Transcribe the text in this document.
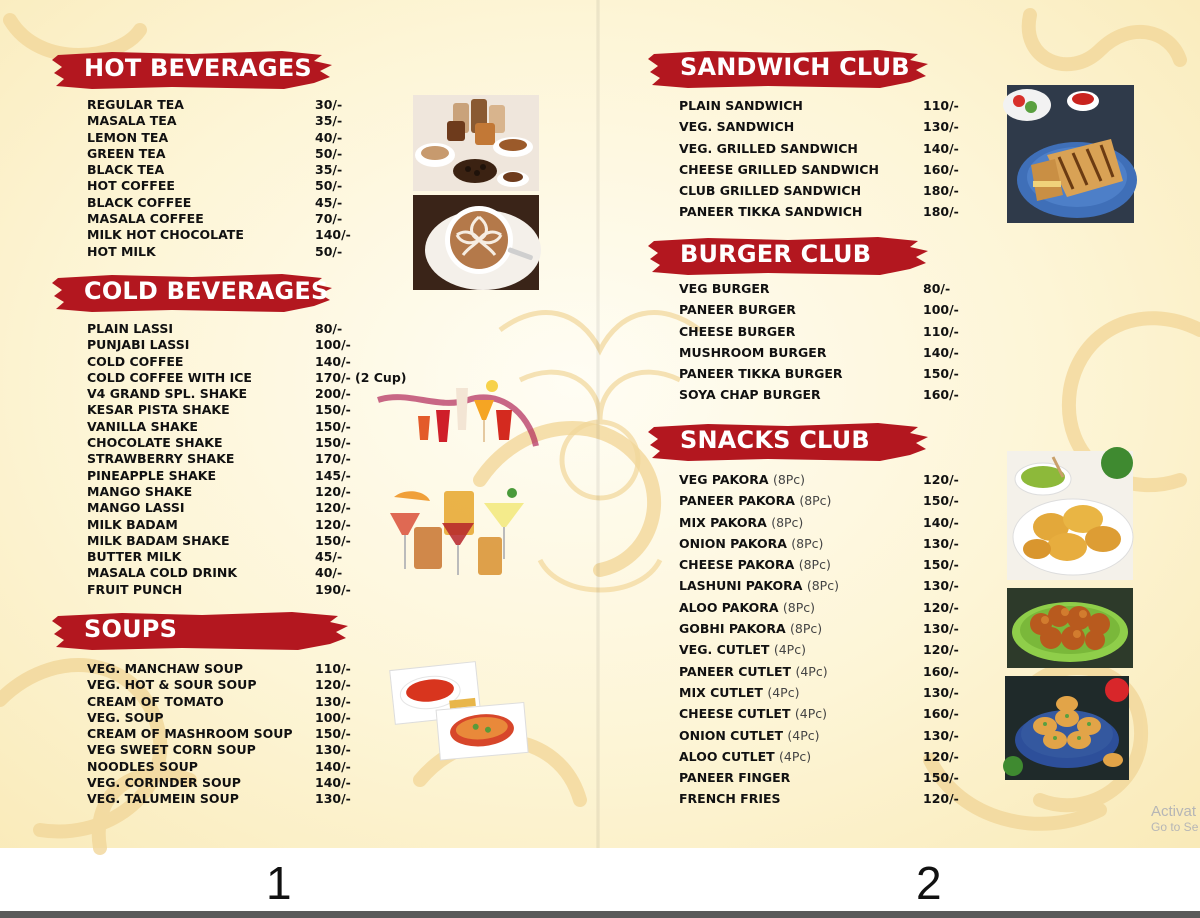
HOT BEVERAGES
REGULAR TEA	30/-
MASALA TEA	35/-
LEMON TEA	40/-
GREEN TEA	50/-
BLACK TEA	35/-
HOT COFFEE	50/-
BLACK COFFEE	45/-
MASALA COFFEE	70/-
MILK HOT CHOCOLATE	140/-
HOT MILK	50/-
COLD BEVERAGES
PLAIN LASSI	80/-
PUNJABI LASSI	100/-
COLD COFFEE	140/-
COLD COFFEE WITH ICE	170/- (2 Cup)
V4 GRAND SPL. SHAKE	200/-
KESAR PISTA SHAKE	150/-
VANILLA SHAKE	150/-
CHOCOLATE SHAKE	150/-
STRAWBERRY SHAKE	170/-
PINEAPPLE SHAKE	145/-
MANGO SHAKE	120/-
MANGO LASSI	120/-
MILK BADAM	120/-
MILK BADAM SHAKE	150/-
BUTTER MILK	45/-
MASALA COLD DRINK	40/-
FRUIT PUNCH	190/-
SOUPS
VEG. MANCHAW SOUP	110/-
VEG. HOT & SOUR SOUP	120/-
CREAM OF TOMATO	130/-
VEG. SOUP	100/-
CREAM OF MASHROOM SOUP 150/-
VEG SWEET CORN SOUP	130/-
NOODLES SOUP	140/-
VEG. CORINDER SOUP	140/-
VEG. TALUMEIN SOUP	130/-
1
SANDWICH CLUB
PLAIN SANDWICH	110/-
VEG. SANDWICH	130/-
VEG. GRILLED SANDWICH	140/-
CHEESE GRILLED SANDWICH	160/-
CLUB GRILLED SANDWICH	180/-
PANEER TIKKA SANDWICH	180/-
BURGER CLUB
VEG BURGER	80/-
PANEER BURGER	100/-
CHEESE BURGER	110/-
MUSHROOM BURGER	140/-
PANEER TIKKA BURGER	150/-
SOYA CHAP BURGER	160/-
SNACKS CLUB
VEG PAKORA (8Pc)	120/-
PANEER PAKORA (8Pc)	150/-
MIX PAKORA (8Pc)	140/-
ONION PAKORA (8Pc)	130/-
CHEESE PAKORA (8Pc)	150/-
LASHUNI PAKORA (8Pc)	130/-
ALOO PAKORA (8Pc)	120/-
GOBHI PAKORA (8Pc)	130/-
VEG. CUTLET (4Pc)	120/-
PANEER CUTLET (4Pc)	160/-
MIX CUTLET (4Pc)	130/-
CHEESE CUTLET (4Pc)	160/-
ONION CUTLET (4Pc)	130/-
ALOO CUTLET (4Pc)	120/-
PANEER FINGER	150/-
FRENCH FRIES	120/-
2
Activat
Go to Se
